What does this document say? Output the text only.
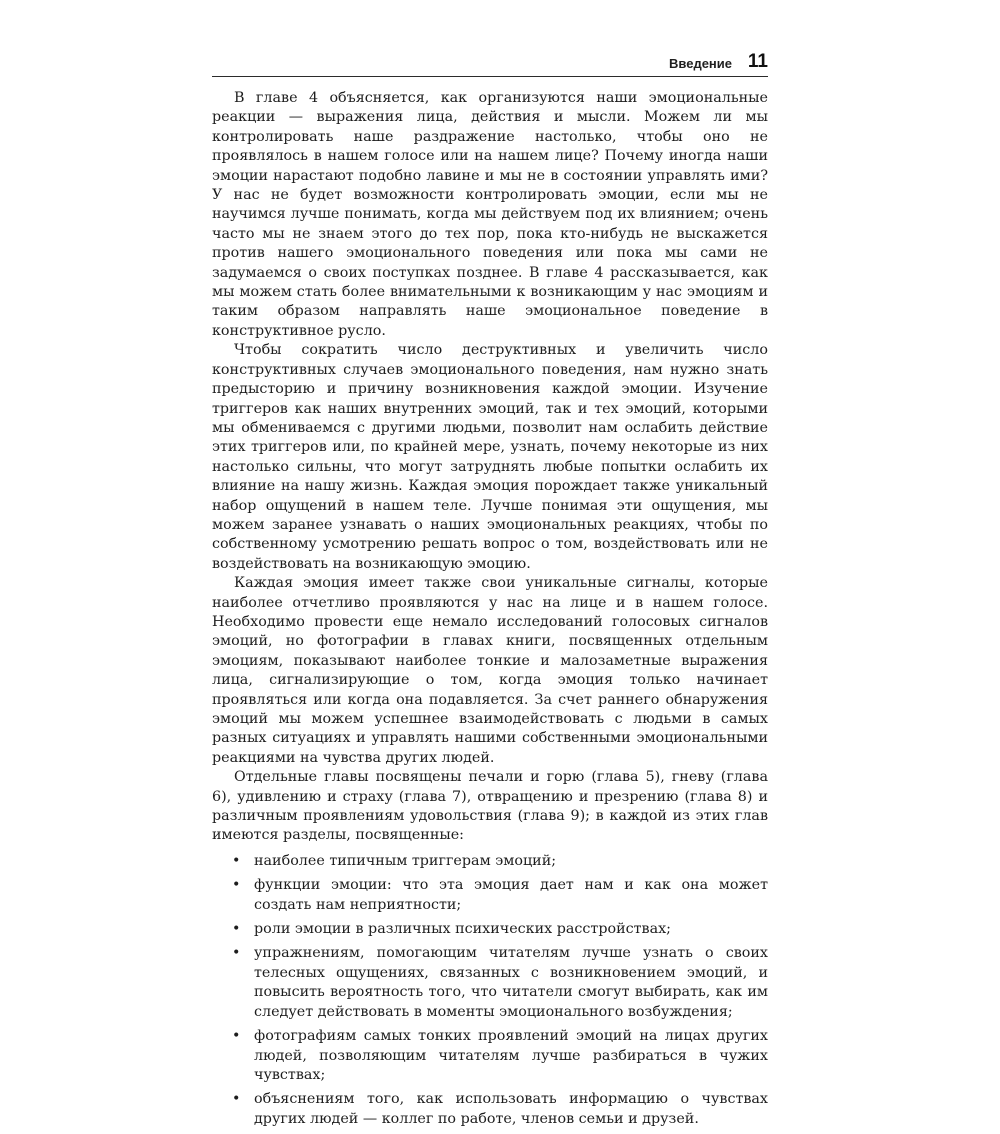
Введение 11

В главе 4 объясняется, как организуются наши эмоциональные реакции — выражения лица, действия и мысли. Можем ли мы контролировать наше раздражение настолько, чтобы оно не проявлялось в нашем голосе или на нашем лице? Почему иногда наши эмоции нарастают подобно лавине и мы не в состоянии управлять ими? У нас не будет возможности контролировать эмоции, если мы не научимся лучше понимать, когда мы действуем под их влиянием; очень часто мы не знаем этого до тех пор, пока кто-нибудь не выскажется против нашего эмоционального поведения или пока мы сами не задумаемся о своих поступках позднее. В главе 4 рассказывается, как мы можем стать более внимательными к возникающим у нас эмоциям и таким образом направлять наше эмоциональное поведение в конструктивное русло.

Чтобы сократить число деструктивных и увеличить число конструктивных случаев эмоционального поведения, нам нужно знать предысторию и причину возникновения каждой эмоции. Изучение триггеров как наших внутренних эмоций, так и тех эмоций, которыми мы обмениваемся с другими людьми, позволит нам ослабить действие этих триггеров или, по крайней мере, узнать, почему некоторые из них настолько сильны, что могут затруднять любые попытки ослабить их влияние на нашу жизнь. Каждая эмоция порождает также уникальный набор ощущений в нашем теле. Лучше понимая эти ощущения, мы можем заранее узнавать о наших эмоциональных реакциях, чтобы по собственному усмотрению решать вопрос о том, воздействовать или не воздействовать на возникающую эмоцию.

Каждая эмоция имеет также свои уникальные сигналы, которые наиболее отчетливо проявляются у нас на лице и в нашем голосе. Необходимо провести еще немало исследований голосовых сигналов эмоций, но фотографии в главах книги, посвященных отдельным эмоциям, показывают наиболее тонкие и малозаметные выражения лица, сигнализирующие о том, когда эмоция только начинает проявляться или когда она подавляется. За счет раннего обнаружения эмоций мы можем успешнее взаимодействовать с людьми в самых разных ситуациях и управлять нашими собственными эмоциональными реакциями на чувства других людей.

Отдельные главы посвящены печали и горю (глава 5), гневу (глава 6), удивлению и страху (глава 7), отвращению и презрению (глава 8) и различным проявлениям удовольствия (глава 9); в каждой из этих глав имеются разделы, посвященные:

• наиболее типичным триггерам эмоций;
• функции эмоции: что эта эмоция дает нам и как она может создать нам неприятности;
• роли эмоции в различных психических расстройствах;
• упражнениям, помогающим читателям лучше узнать о своих телесных ощущениях, связанных с возникновением эмоций, и повысить вероятность того, что читатели смогут выбирать, как им следует действовать в моменты эмоционального возбуждения;
• фотографиям самых тонких проявлений эмоций на лицах других людей, позволяющим читателям лучше разбираться в чужих чувствах;
• объяснениям того, как использовать информацию о чувствах других людей — коллег по работе, членов семьи и друзей.
